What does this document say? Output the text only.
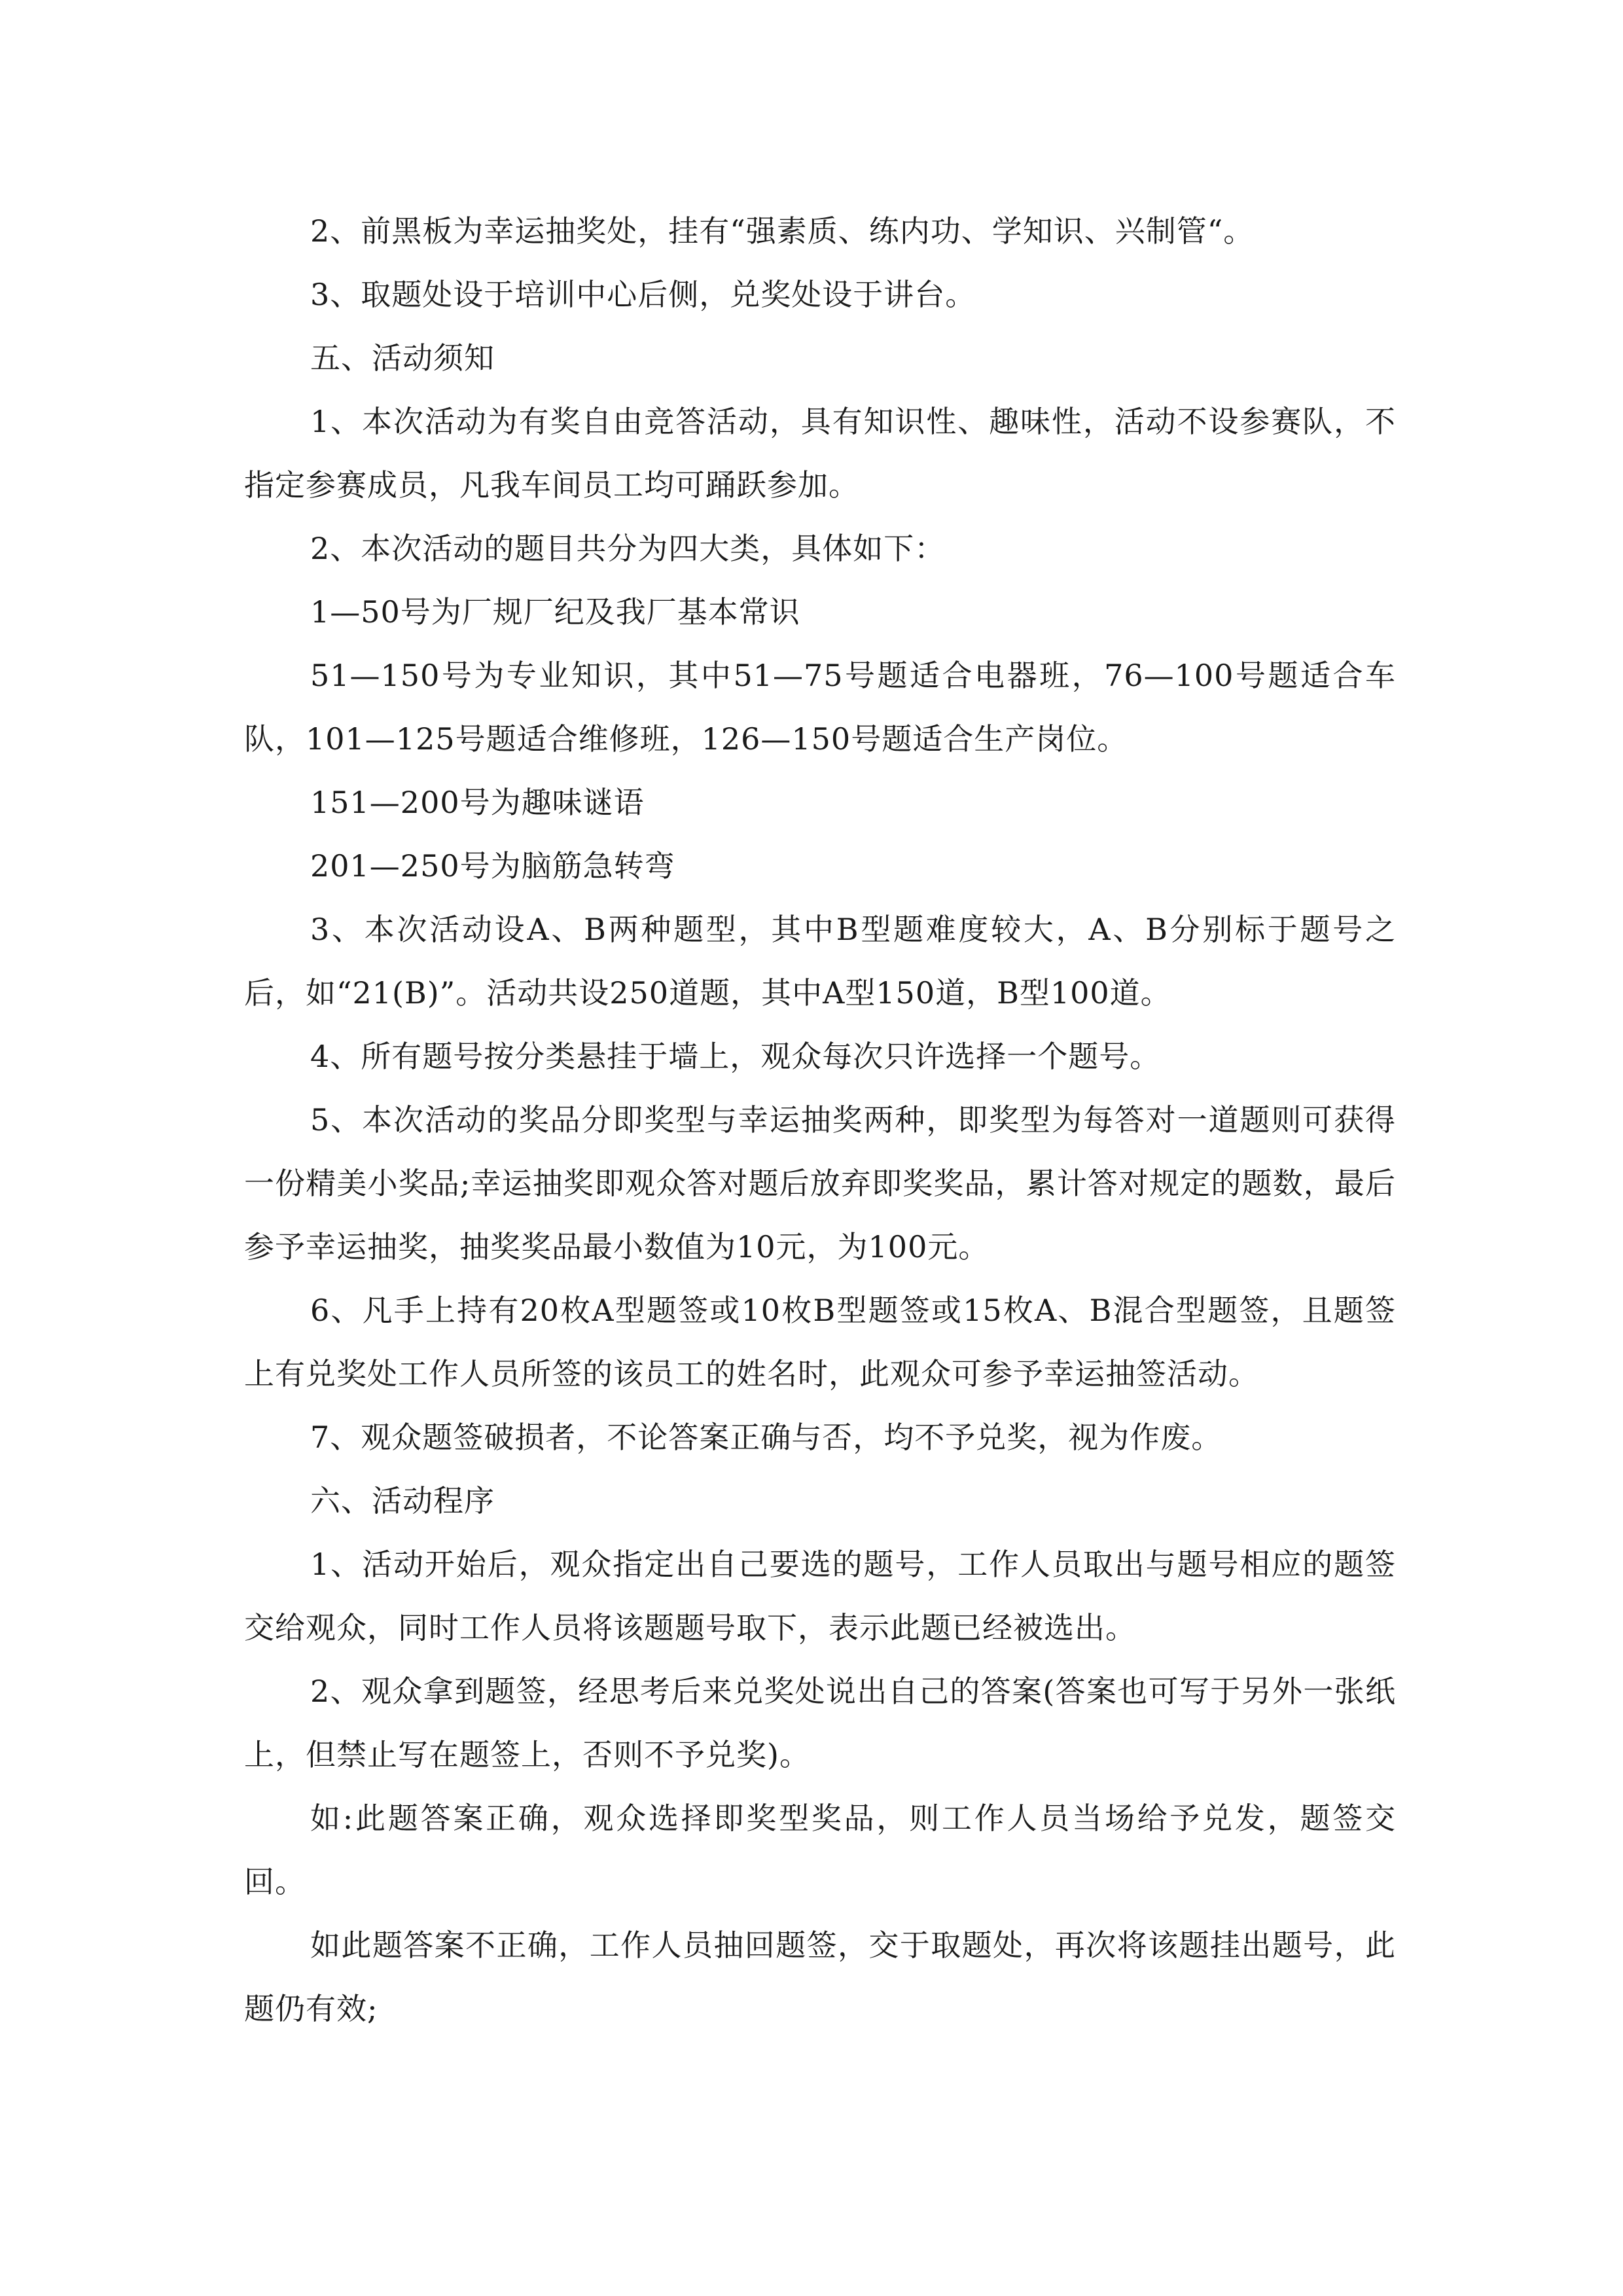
2、前黑板为幸运抽奖处，挂有“强素质、练内功、学知识、兴制管“。

3、取题处设于培训中心后侧，兑奖处设于讲台。

五、活动须知

1、本次活动为有奖自由竞答活动，具有知识性、趣味性，活动不设参赛队，不指定参赛成员，凡我车间员工均可踊跃参加。

2、本次活动的题目共分为四大类，具体如下：

1—50号为厂规厂纪及我厂基本常识

51—150号为专业知识，其中51—75号题适合电器班，76—100号题适合车队，101—125号题适合维修班，126—150号题适合生产岗位。

151—200号为趣味谜语

201—250号为脑筋急转弯

3、本次活动设A、B两种题型，其中B型题难度较大，A、B分别标于题号之后，如“21(B)”。活动共设250道题，其中A型150道，B型100道。

4、所有题号按分类悬挂于墙上，观众每次只许选择一个题号。

5、本次活动的奖品分即奖型与幸运抽奖两种，即奖型为每答对一道题则可获得一份精美小奖品;幸运抽奖即观众答对题后放弃即奖奖品，累计答对规定的题数，最后参予幸运抽奖，抽奖奖品最小数值为10元，为100元。

6、凡手上持有20枚A型题签或10枚B型题签或15枚A、B混合型题签，且题签上有兑奖处工作人员所签的该员工的姓名时，此观众可参予幸运抽签活动。

7、观众题签破损者，不论答案正确与否，均不予兑奖，视为作废。

六、活动程序

1、活动开始后，观众指定出自己要选的题号，工作人员取出与题号相应的题签交给观众，同时工作人员将该题题号取下，表示此题已经被选出。

2、观众拿到题签，经思考后来兑奖处说出自己的答案(答案也可写于另外一张纸上，但禁止写在题签上，否则不予兑奖)。

如:此题答案正确，观众选择即奖型奖品，则工作人员当场给予兑发，题签交回。

如此题答案不正确，工作人员抽回题签，交于取题处，再次将该题挂出题号，此题仍有效;
